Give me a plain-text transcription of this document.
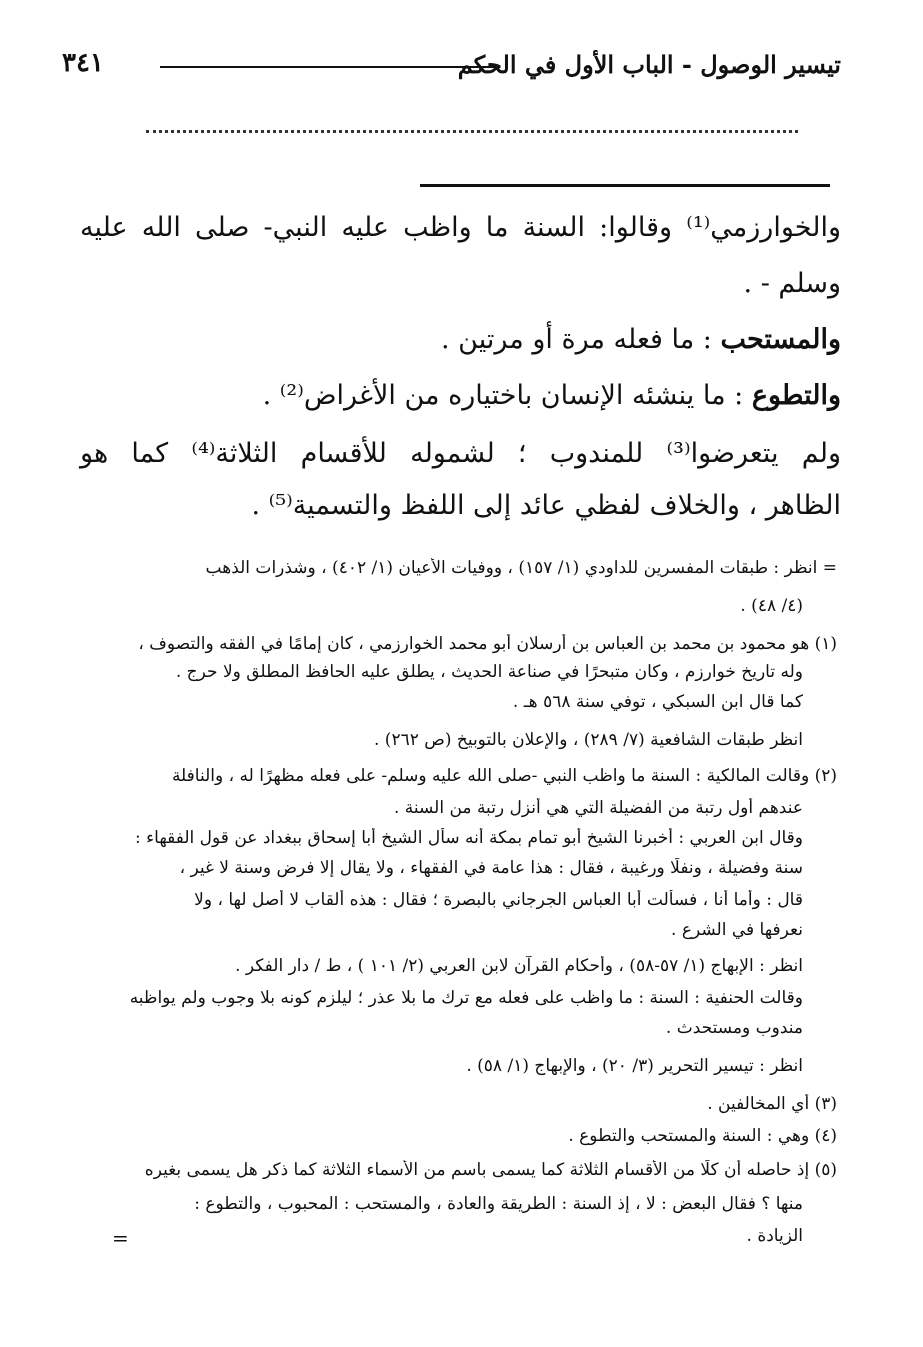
تيسير الوصول - الباب الأول في الحكم
٣٤١
والخوارزمي⁽¹⁾ وقالوا: السنة ما واظب عليه النبي- صلى الله عليه
وسلم - .
والمستحب : ما فعله مرة أو مرتين .
والتطوع : ما ينشئه الإنسان باختياره من الأغراض⁽²⁾ .
ولم يتعرضوا⁽³⁾ للمندوب ؛ لشموله للأقسام الثلاثة⁽⁴⁾ كما هو
الظاهر ، والخلاف لفظي عائد إلى اللفظ والتسمية⁽⁵⁾ .
= انظر : طبقات المفسرين للداودي (١/ ١٥٧) ، ووفيات الأعيان (١/ ٤٠٢) ، وشذرات الذهب
(٤/ ٤٨) .
(١) هو محمود بن محمد بن العباس بن أرسلان أبو محمد الخوارزمي ، كان إمامًا في الفقه والتصوف ،
وله تاريخ خوارزم ، وكان متبحرًا في صناعة الحديث ، يطلق عليه الحافظ المطلق ولا حرج .
كما قال ابن السبكي ، توفي سنة ٥٦٨ هـ .
انظر طبقات الشافعية (٧/ ٢٨٩) ، والإعلان بالتوبيخ (ص ٢٦٢) .
(٢) وقالت المالكية : السنة ما واظب النبي -صلى الله عليه وسلم- على فعله مظهرًا له ، والنافلة
عندهم أول رتبة من الفضيلة التي هي أنزل رتبة من السنة .
وقال ابن العربي : أخبرنا الشيخ أبو تمام بمكة أنه سأل الشيخ أبا إسحاق ببغداد عن قول الفقهاء :
سنة وفضيلة ، ونفلًا ورغيبة ، فقال : هذا عامة في الفقهاء ، ولا يقال إلا فرض وسنة لا غير ،
قال : وأما أنا ، فسألت أبا العباس الجرجاني بالبصرة ؛ فقال : هذه ألقاب لا أصل لها ، ولا
نعرفها في الشرع .
انظر : الإبهاج (١/ ٥٧-٥٨) ، وأحكام القرآن لابن العربي (٢/ ١٠١ ) ، ط / دار الفكر .
وقالت الحنفية : السنة : ما واظب على فعله مع ترك ما بلا عذر ؛ ليلزم كونه بلا وجوب ولم يواظبه
مندوب ومستحدث .
انظر : تيسير التحرير (٣/ ٢٠) ، والإبهاج (١/ ٥٨) .
(٣) أي المخالفين .
(٤) وهي : السنة والمستحب والتطوع .
(٥) إذ حاصله أن كلًا من الأقسام الثلاثة كما يسمى باسم من الأسماء الثلاثة كما ذكر هل يسمى بغيره
منها ؟ فقال البعض : لا ، إذ السنة : الطريقة والعادة ، والمستحب : المحبوب ، والتطوع :
الزيادة .
=
